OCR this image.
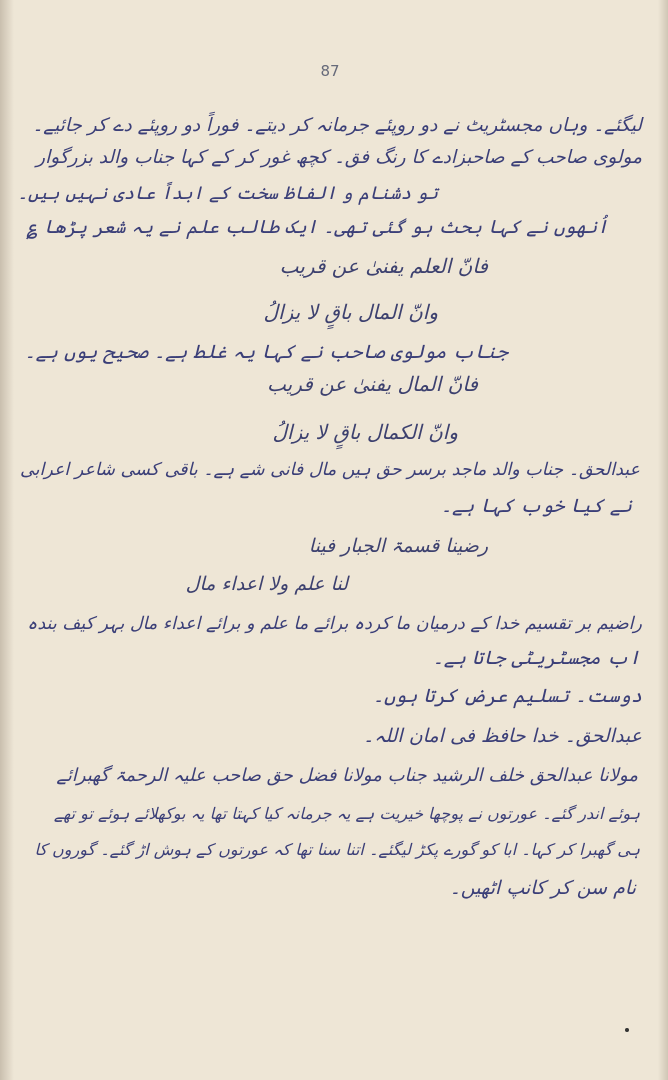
87
لیگئے۔ وہاں مجسٹریٹ نے دو روپئے جرمانہ کر دیتے۔ فوراً دو روپئے دے کر جائیے۔
مولوی صاحب کے صاحبزادے کا رنگ فق۔ کچھ غور کر کے کہا جناب والد بزرگوار
تو دشنام و الفاظ سخت کے ابداً عادی نہیں ہیں۔
اُنھوں نے کہا بحث ہو گئی تھی۔ ایک طالب علم نے یہ شعر پڑھا ؏
فانّ العلم یفنیٰ عن قریب
وانّ المال باقٍ لا یزالُ
جناب مولوی صاحب نے کہا یہ غلط ہے۔ صحیح یوں ہے۔
فانّ المال یفنیٰ عن قریب
وانّ الکمال باقٍ لا یزالُ
عبدالحق۔ جناب والد ماجد برسر حق ہیں مال فانی شے ہے۔ باقی کسی شاعر اعرابی
نے کیا خوب کہا ہے۔
رضینا قسمۃ الجبار فینا
لنا علم ولا اعداء مال
راضیم بر تقسیم خدا کے درمیان ما کردہ برائے ما علم و برائے اعداء مال بہر کیف بندہ
اب مجسٹریٹی جاتا ہے۔
دوست۔ تسلیم عرض کرتا ہوں۔
عبدالحق۔ خدا حافظ فی امان اللہ۔
مولانا عبدالحق خلف الرشید جناب مولانا فضل حق صاحب علیہ الرحمۃ گھبرائے
ہوئے اندر گئے۔ عورتوں نے پوچھا خیریت ہے یہ جرمانہ کیا کہتا تھا یہ بوکھلائے ہوئے تو تھے
ہی گھبرا کر کہا۔ ابا کو گورے پکڑ لیگئے۔ اتنا سنا تھا کہ عورتوں کے ہوش اڑ گئے۔ گوروں کا
نام سن کر کانپ اٹھیں۔
